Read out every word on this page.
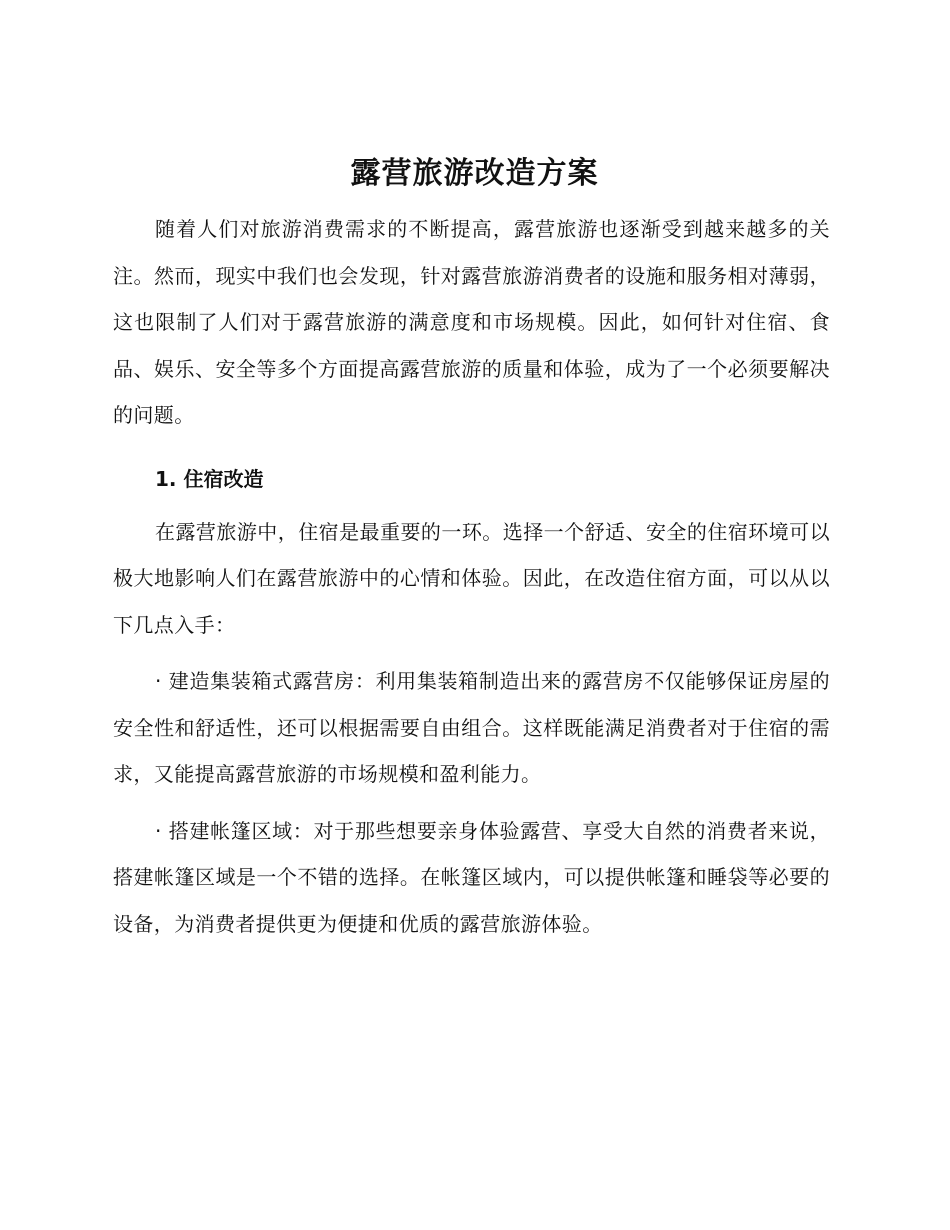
露营旅游改造方案

随着人们对旅游消费需求的不断提高，露营旅游也逐渐受到越来越多的关注。然而，现实中我们也会发现，针对露营旅游消费者的设施和服务相对薄弱，这也限制了人们对于露营旅游的满意度和市场规模。因此，如何针对住宿、食品、娱乐、安全等多个方面提高露营旅游的质量和体验，成为了一个必须要解决的问题。

1. 住宿改造

在露营旅游中，住宿是最重要的一环。选择一个舒适、安全的住宿环境可以极大地影响人们在露营旅游中的心情和体验。因此，在改造住宿方面，可以从以下几点入手：

· 建造集装箱式露营房：利用集装箱制造出来的露营房不仅能够保证房屋的安全性和舒适性，还可以根据需要自由组合。这样既能满足消费者对于住宿的需求，又能提高露营旅游的市场规模和盈利能力。

· 搭建帐篷区域：对于那些想要亲身体验露营、享受大自然的消费者来说，搭建帐篷区域是一个不错的选择。在帐篷区域内，可以提供帐篷和睡袋等必要的设备，为消费者提供更为便捷和优质的露营旅游体验。
